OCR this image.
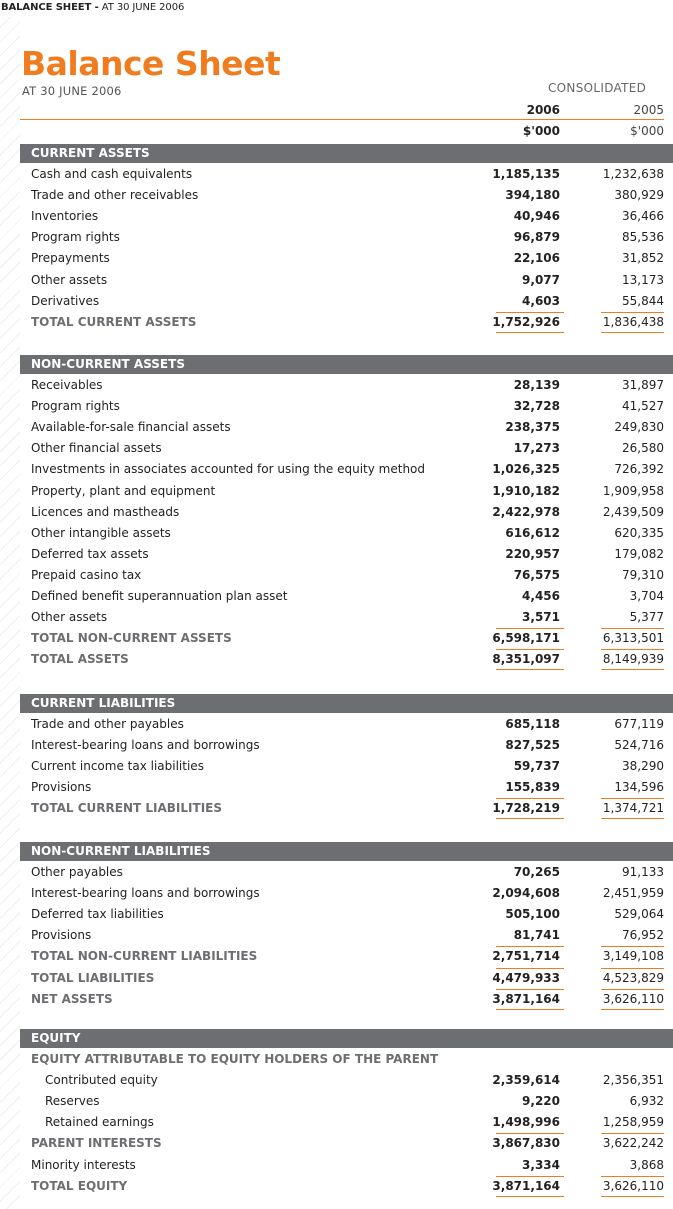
BALANCE SHEET - AT 30 JUNE 2006
Balance Sheet
AT 30 JUNE 2006	CONSOLIDATED
2006	2005
$'000	$'000
CURRENT ASSETS
Cash and cash equivalents	1,185,135	1,232,638
Trade and other receivables	394,180	380,929
Inventories	40,946	36,466
Program rights	96,879	85,536
Prepayments	22,106	31,852
Other assets	9,077	13,173
Derivatives	4,603	55,844
TOTAL CURRENT ASSETS	1,752,926	1,836,438
NON-CURRENT ASSETS
Receivables	28,139	31,897
Program rights	32,728	41,527
Available-for-sale financial assets	238,375	249,830
Other financial assets	17,273	26,580
Investments in associates accounted for using the equity method	1,026,325	726,392
Property, plant and equipment	1,910,182	1,909,958
Licences and mastheads	2,422,978	2,439,509
Other intangible assets	616,612	620,335
Deferred tax assets	220,957	179,082
Prepaid casino tax	76,575	79,310
Defined benefit superannuation plan asset	4,456	3,704
Other assets	3,571	5,377
TOTAL NON-CURRENT ASSETS	6,598,171	6,313,501
TOTAL ASSETS	8,351,097	8,149,939
CURRENT LIABILITIES
Trade and other payables	685,118	677,119
Interest-bearing loans and borrowings	827,525	524,716
Current income tax liabilities	59,737	38,290
Provisions	155,839	134,596
TOTAL CURRENT LIABILITIES	1,728,219	1,374,721
NON-CURRENT LIABILITIES
Other payables	70,265	91,133
Interest-bearing loans and borrowings	2,094,608	2,451,959
Deferred tax liabilities	505,100	529,064
Provisions	81,741	76,952
TOTAL NON-CURRENT LIABILITIES	2,751,714	3,149,108
TOTAL LIABILITIES	4,479,933	4,523,829
NET ASSETS	3,871,164	3,626,110
EQUITY
EQUITY ATTRIBUTABLE TO EQUITY HOLDERS OF THE PARENT
Contributed equity	2,359,614	2,356,351
Reserves	9,220	6,932
Retained earnings	1,498,996	1,258,959
PARENT INTERESTS	3,867,830	3,622,242
Minority interests	3,334	3,868
TOTAL EQUITY	3,871,164	3,626,110
